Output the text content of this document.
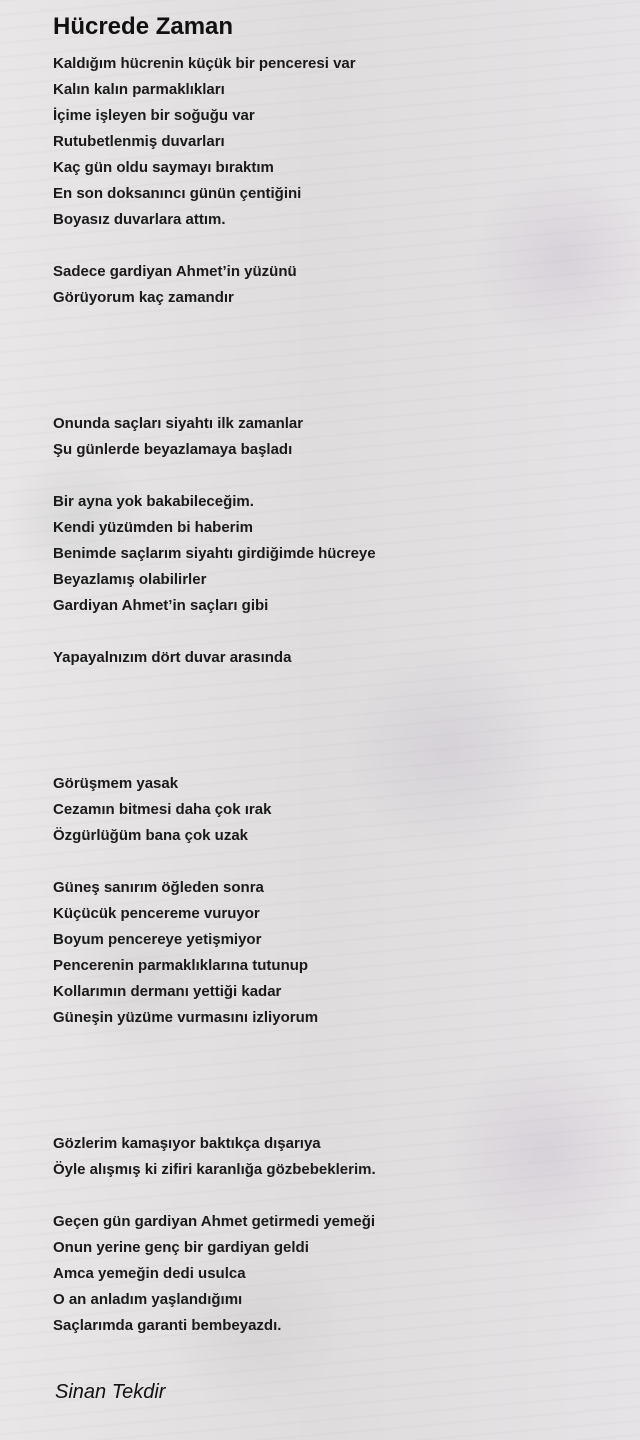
Hücrede Zaman
Kaldığım hücrenin küçük bir penceresi var
Kalın kalın parmaklıkları
İçime işleyen bir soğuğu var
Rutubetlenmiş duvarları
Kaç gün oldu saymayı bıraktım
En son doksanıncı günün çentiğini
Boyasız duvarlara attım.
Sadece gardiyan Ahmet’in yüzünü
Görüyorum kaç zamandır
Onunda saçları siyahtı ilk zamanlar
Şu günlerde beyazlamaya başladı
Bir ayna yok bakabileceğim.
Kendi yüzümden bi haberim
Benimde saçlarım siyahtı girdiğimde hücreye
Beyazlamış olabilirler
Gardiyan Ahmet’in saçları gibi
Yapayalnızım dört duvar arasında
Görüşmem yasak
Cezamın bitmesi daha çok ırak
Özgürlüğüm bana çok uzak
Güneş sanırım öğleden sonra
Küçücük pencereme vuruyor
Boyum pencereye yetişmiyor
Pencerenin parmaklıklarına tutunup
Kollarımın dermanı yettiği kadar
Güneşin yüzüme vurmasını izliyorum
Gözlerim kamaşıyor baktıkça dışarıya
Öyle alışmış ki zifiri karanlığa gözbebeklerim.
Geçen gün gardiyan Ahmet getirmedi yemeği
Onun yerine genç bir gardiyan geldi
Amca yemeğin dedi usulca
O an anladım yaşlandığımı
Saçlarımda garanti bembeyazdı.
Sinan Tekdir
